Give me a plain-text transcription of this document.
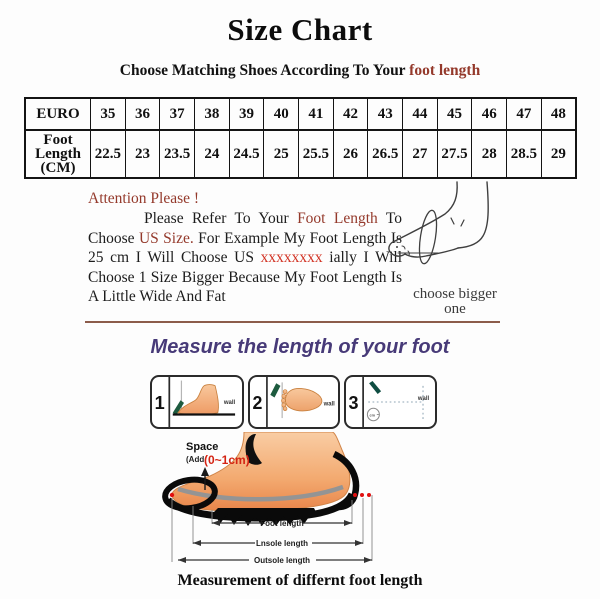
Size Chart
Choose Matching Shoes According To Your foot length
EURO	35	36	37	38	39	40	41	42	43	44	45	46	47	48

Foot
Length
(CM)	22.5	23	23.5	24	24.5	25	25.5	26	26.5	27	27.5	28	28.5	29

Attention Please !

Please Refer To Your Foot Length To Choose US Size. For Example My Foot Length Is 25 cm I Will Choose US xxxxxxxx ially I Will Choose 1 Size Bigger Because My Foot Length Is A Little Wide And Fat	choose bigger one
Measure the length of your foot
1	wall 2	wall 3
cm
wall
Space
(Add (0~1cm)
Foot length
Lnsole length
Outsole length
Measurement of differnt foot length
